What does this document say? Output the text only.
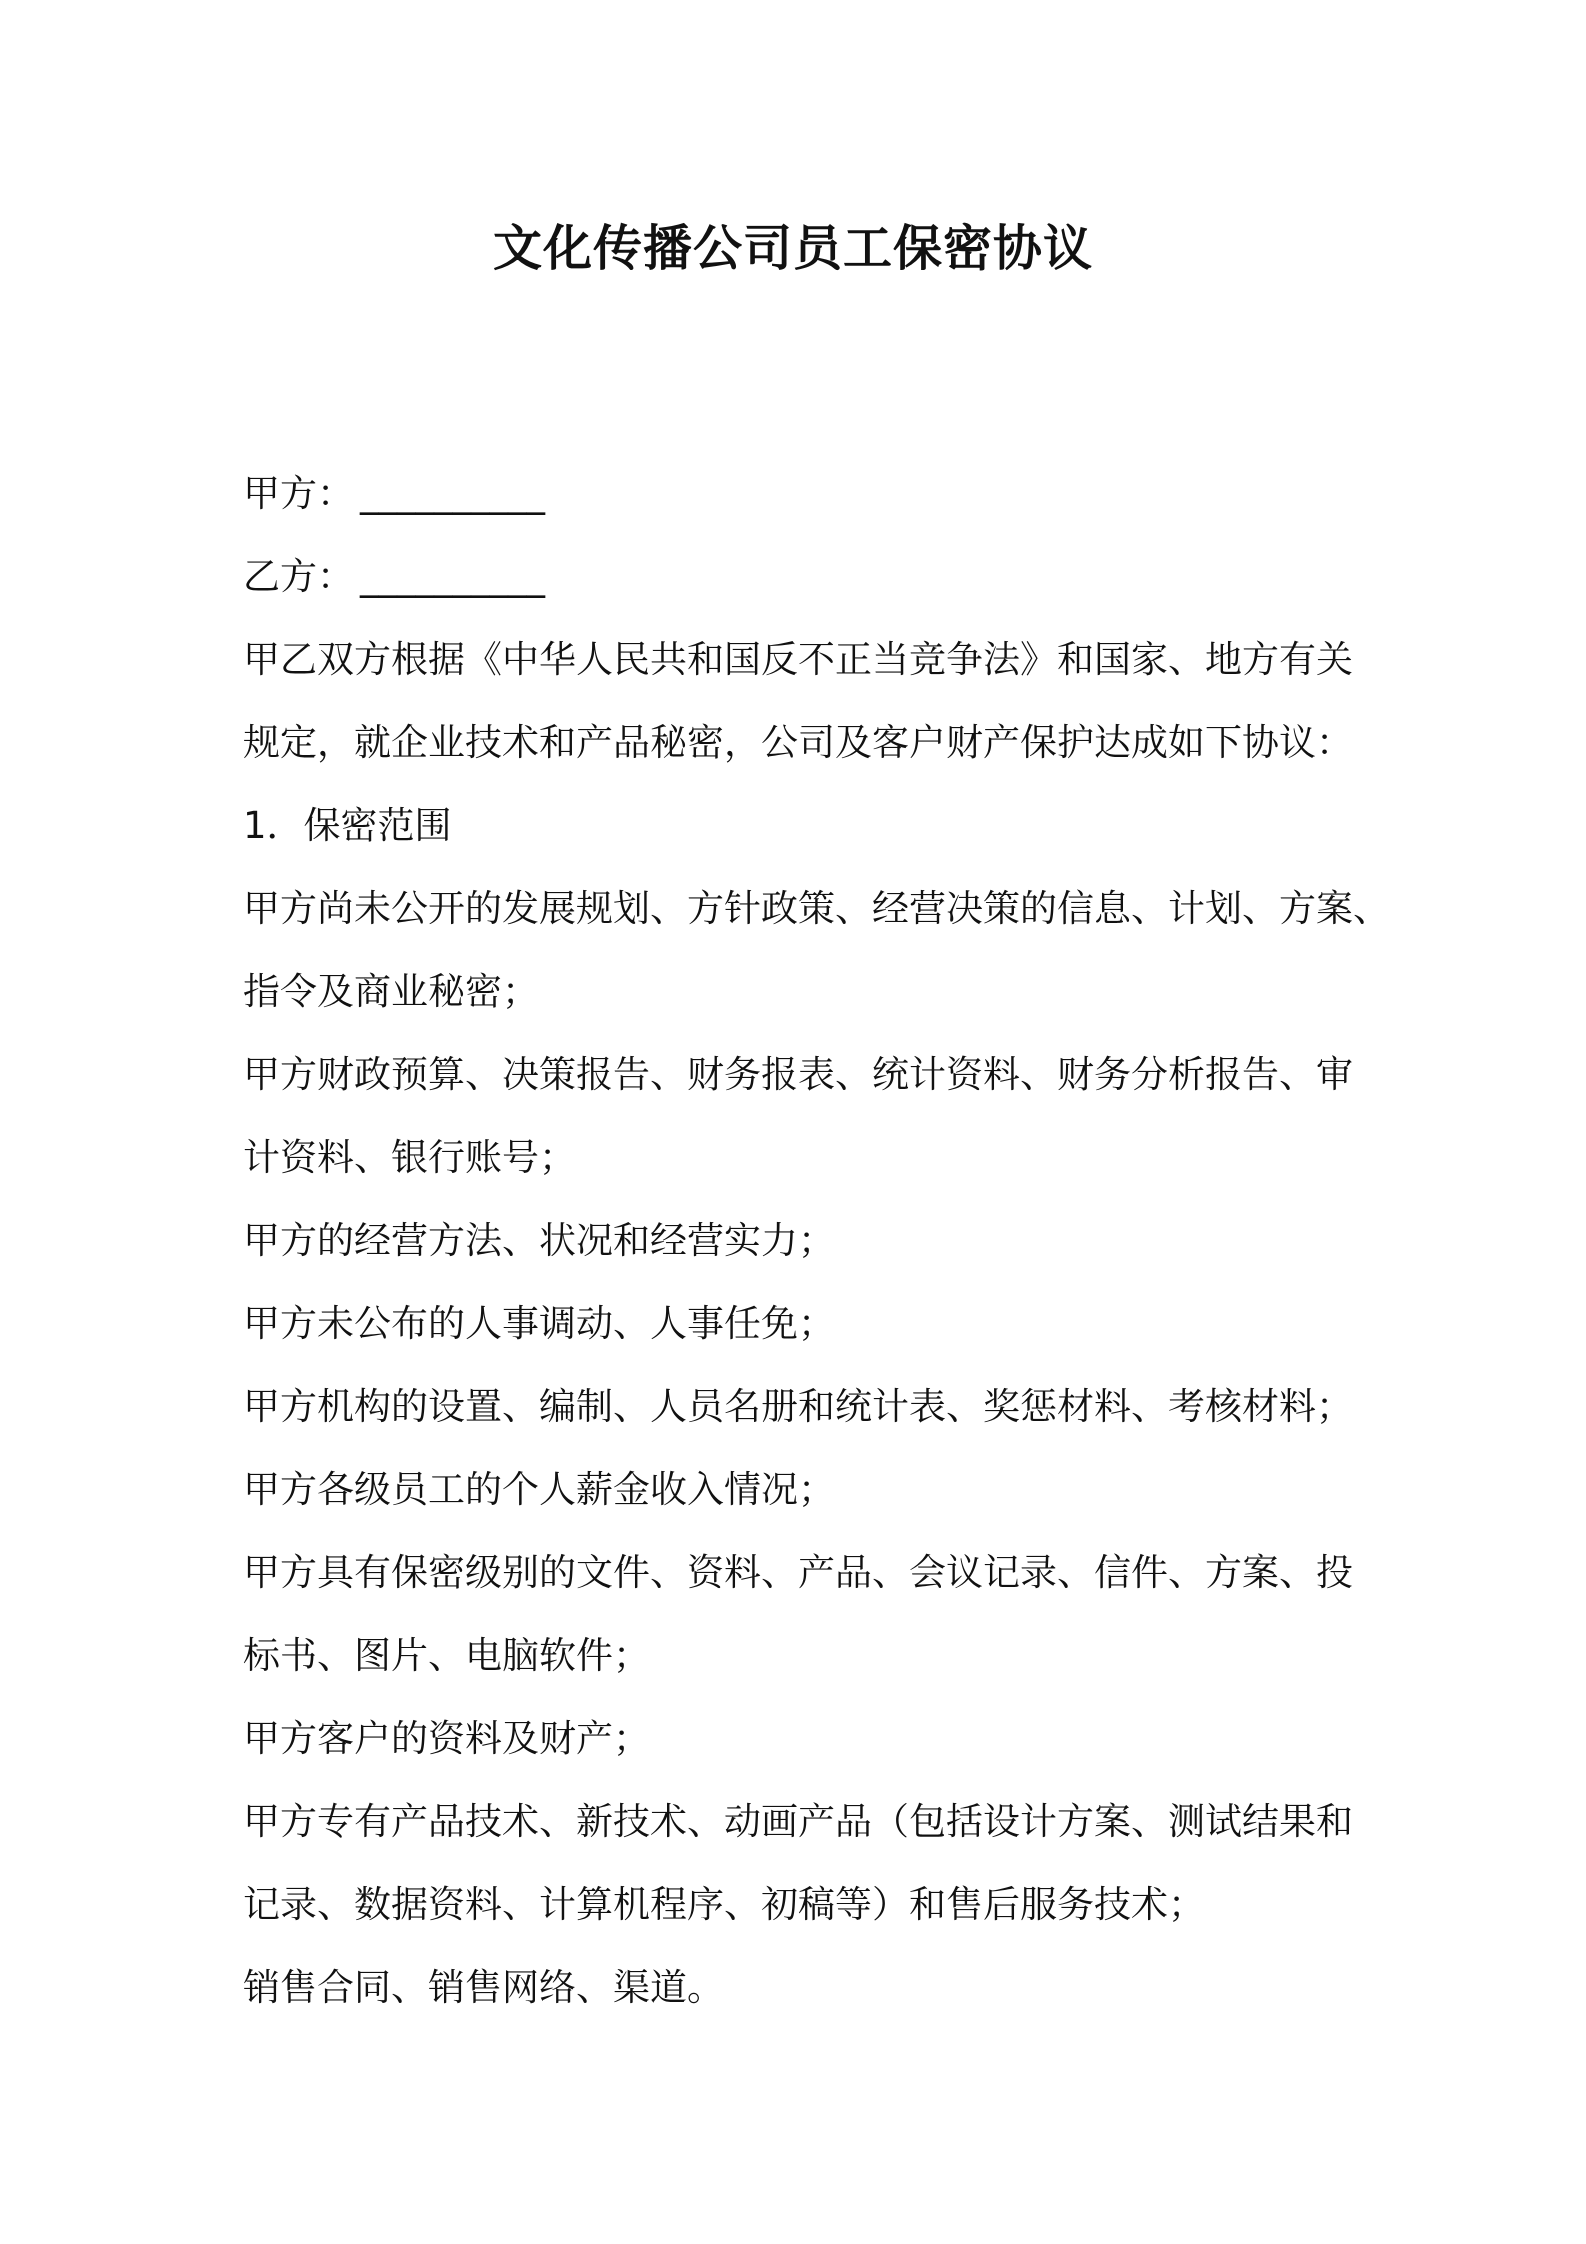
文化传播公司员工保密协议
甲方： __________
乙方： __________
甲乙双方根据《中华人民共和国反不正当竞争法》和国家、地方有关
规定，就企业技术和产品秘密，公司及客户财产保护达成如下协议：
1．保密范围
甲方尚未公开的发展规划、方针政策、经营决策的信息、计划、方案、
指令及商业秘密；
甲方财政预算、决策报告、财务报表、统计资料、财务分析报告、审
计资料、银行账号；
甲方的经营方法、状况和经营实力；
甲方未公布的人事调动、人事任免；
甲方机构的设置、编制、人员名册和统计表、奖惩材料、考核材料；
甲方各级员工的个人薪金收入情况；
甲方具有保密级别的文件、资料、产品、会议记录、信件、方案、投
标书、图片、电脑软件；
甲方客户的资料及财产；
甲方专有产品技术、新技术、动画产品（包括设计方案、测试结果和
记录、数据资料、计算机程序、初稿等）和售后服务技术；
销售合同、销售网络、渠道。
